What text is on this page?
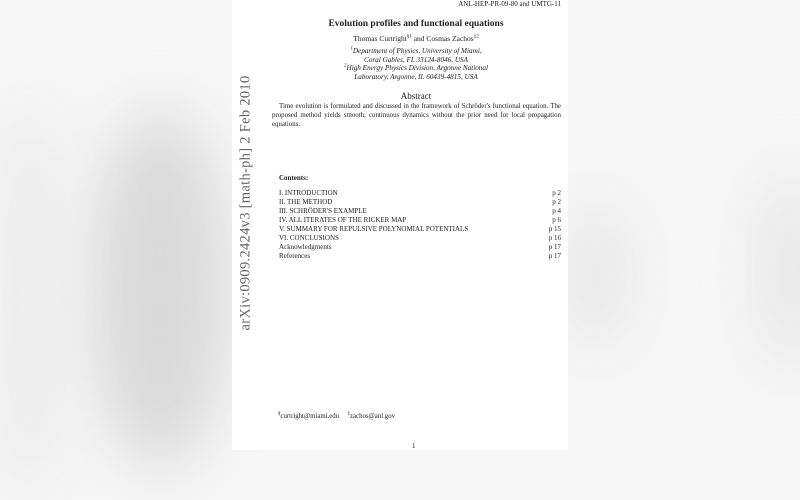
arXiv:0909.2424v3 [math-ph] 2 Feb 2010
ANL-HEP-PR-09-80 and UMTG-11
Evolution profiles and functional equations
Thomas Curtright$^{\S 1}$ and Cosmas Zachos$^{\ddagger 2}$
$^1$Department of Physics, University of Miami,
Coral Gables, FL 33124-8046, USA
$^2$High Energy Physics Division, Argonne National
Laboratory, Argonne, IL 60439-4815, USA
Abstract
Time evolution is formulated and discussed in the framework of Schröder's functional equation. The proposed method yields smooth, continuous dynamics without the prior need for local propagation equations.
Contents:
I. INTRODUCTION	p 2
II. THE METHOD	p 2
III. SCHRÖDER'S EXAMPLE	p 4
IV. ALL ITERATES OF THE RICKER MAP	p 6
V. SUMMARY FOR REPULSIVE POLYNOMIAL POTENTIALS	p 15
VI. CONCLUSIONS	p 16
Acknowledgments	p 17
References	p 17
§curtright@miami.edu ‡zachos@anl.gov
1
